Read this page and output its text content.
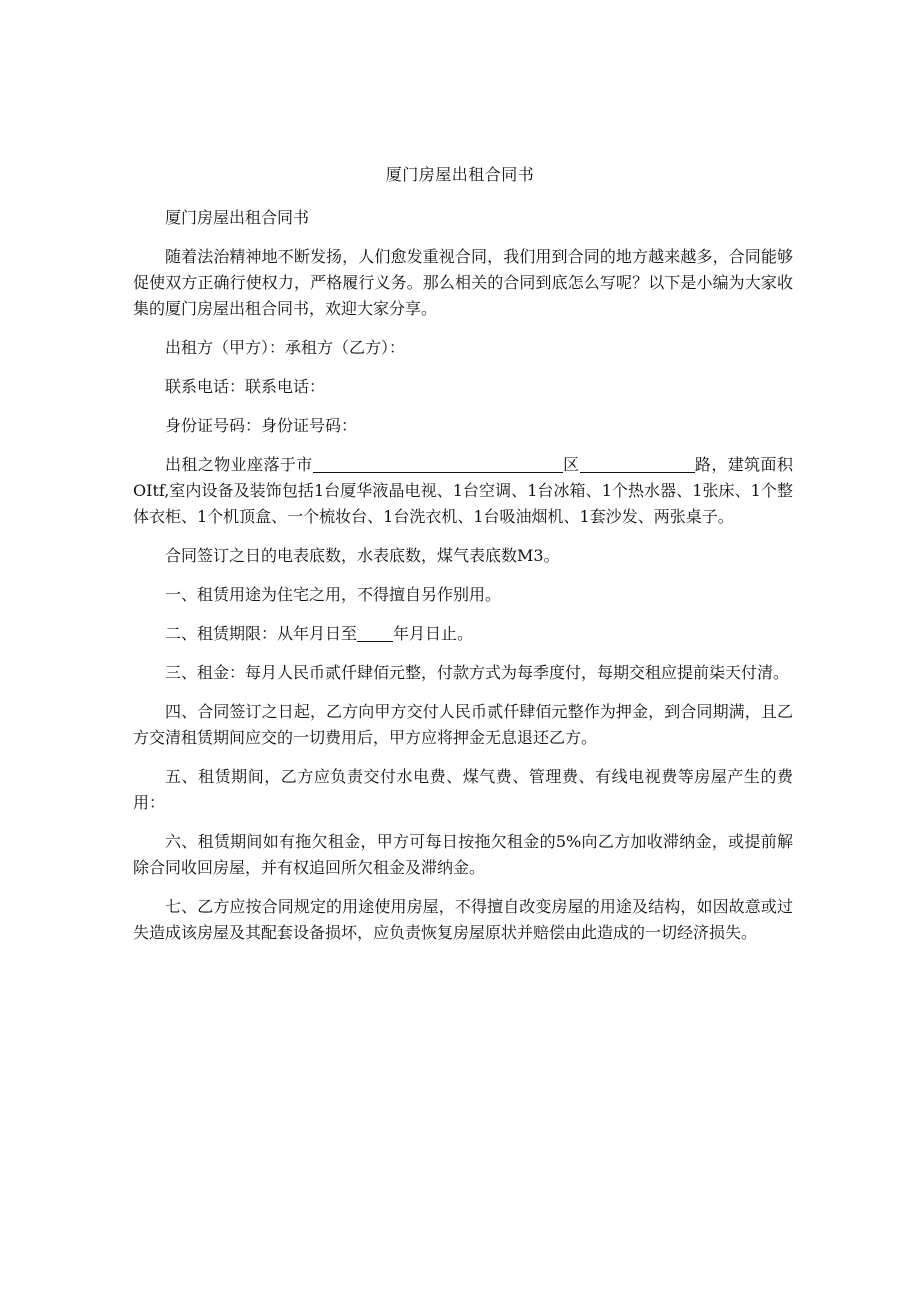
厦门房屋出租合同书

厦门房屋出租合同书

随着法治精神地不断发扬，人们愈发重视合同，我们用到合同的地方越来越多，合同能够促使双方正确行使权力，严格履行义务。那么相关的合同到底怎么写呢？以下是小编为大家收集的厦门房屋出租合同书，欢迎大家分享。

出租方（甲方）：承租方（乙方）：

联系电话：联系电话：

身份证号码：身份证号码：

出租之物业座落于市	区	路，建筑面积OItf,室内设备及装饰包括1台厦华液晶电视、1台空调、1台冰箱、1个热水器、1张床、1个整体衣柜、1个机顶盒、一个梳妆台、1台洗衣机、1台吸油烟机、1套沙发、两张桌子。

合同签订之日的电表底数，水表底数，煤气表底数M3。

一、租赁用途为住宅之用，不得擅自另作别用。

二、租赁期限：从年月日至 年月日止。

三、租金：每月人民币贰仟肆佰元整，付款方式为每季度付，每期交租应提前柒天付清。

四、合同签订之日起，乙方向甲方交付人民币贰仟肆佰元整作为押金，到合同期满，且乙方交清租赁期间应交的一切费用后，甲方应将押金无息退还乙方。

五、租赁期间，乙方应负责交付水电费、煤气费、管理费、有线电视费等房屋产生的费用：

六、租赁期间如有拖欠租金，甲方可每日按拖欠租金的5%向乙方加收滞纳金，或提前解除合同收回房屋，并有权追回所欠租金及滞纳金。

七、乙方应按合同规定的用途使用房屋，不得擅自改变房屋的用途及结构，如因故意或过失造成该房屋及其配套设备损坏，应负责恢复房屋原状并赔偿由此造成的一切经济损失。
